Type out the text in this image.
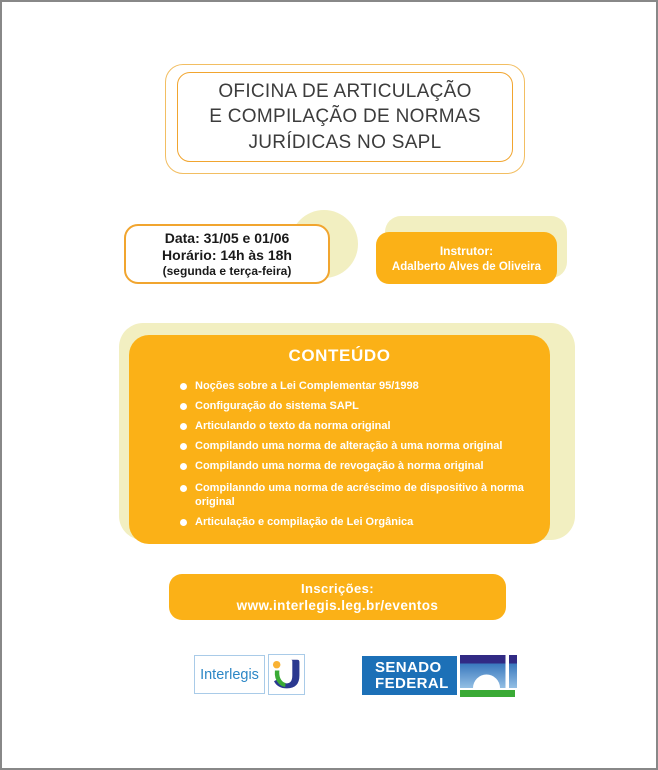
OFICINA DE ARTICULAÇÃO
E COMPILAÇÃO DE NORMAS
JURÍDICAS NO SAPL
Data: 31/05 e 01/06
Horário: 14h às 18h
(segunda e terça-feira)
Instrutor:
Adalberto Alves de Oliveira
CONTEÚDO
Noções sobre a Lei Complementar 95/1998
Configuração do sistema SAPL
Articulando o texto da norma original
Compilando uma norma de alteração à uma norma original
Compilando uma norma de revogação à norma original
Compilanndo uma norma de acréscimo de dispositivo à norma original
Articulação e compilação de Lei Orgânica
Inscrições:
www.interlegis.leg.br/eventos
Interlegis	SENADO
FEDERAL
